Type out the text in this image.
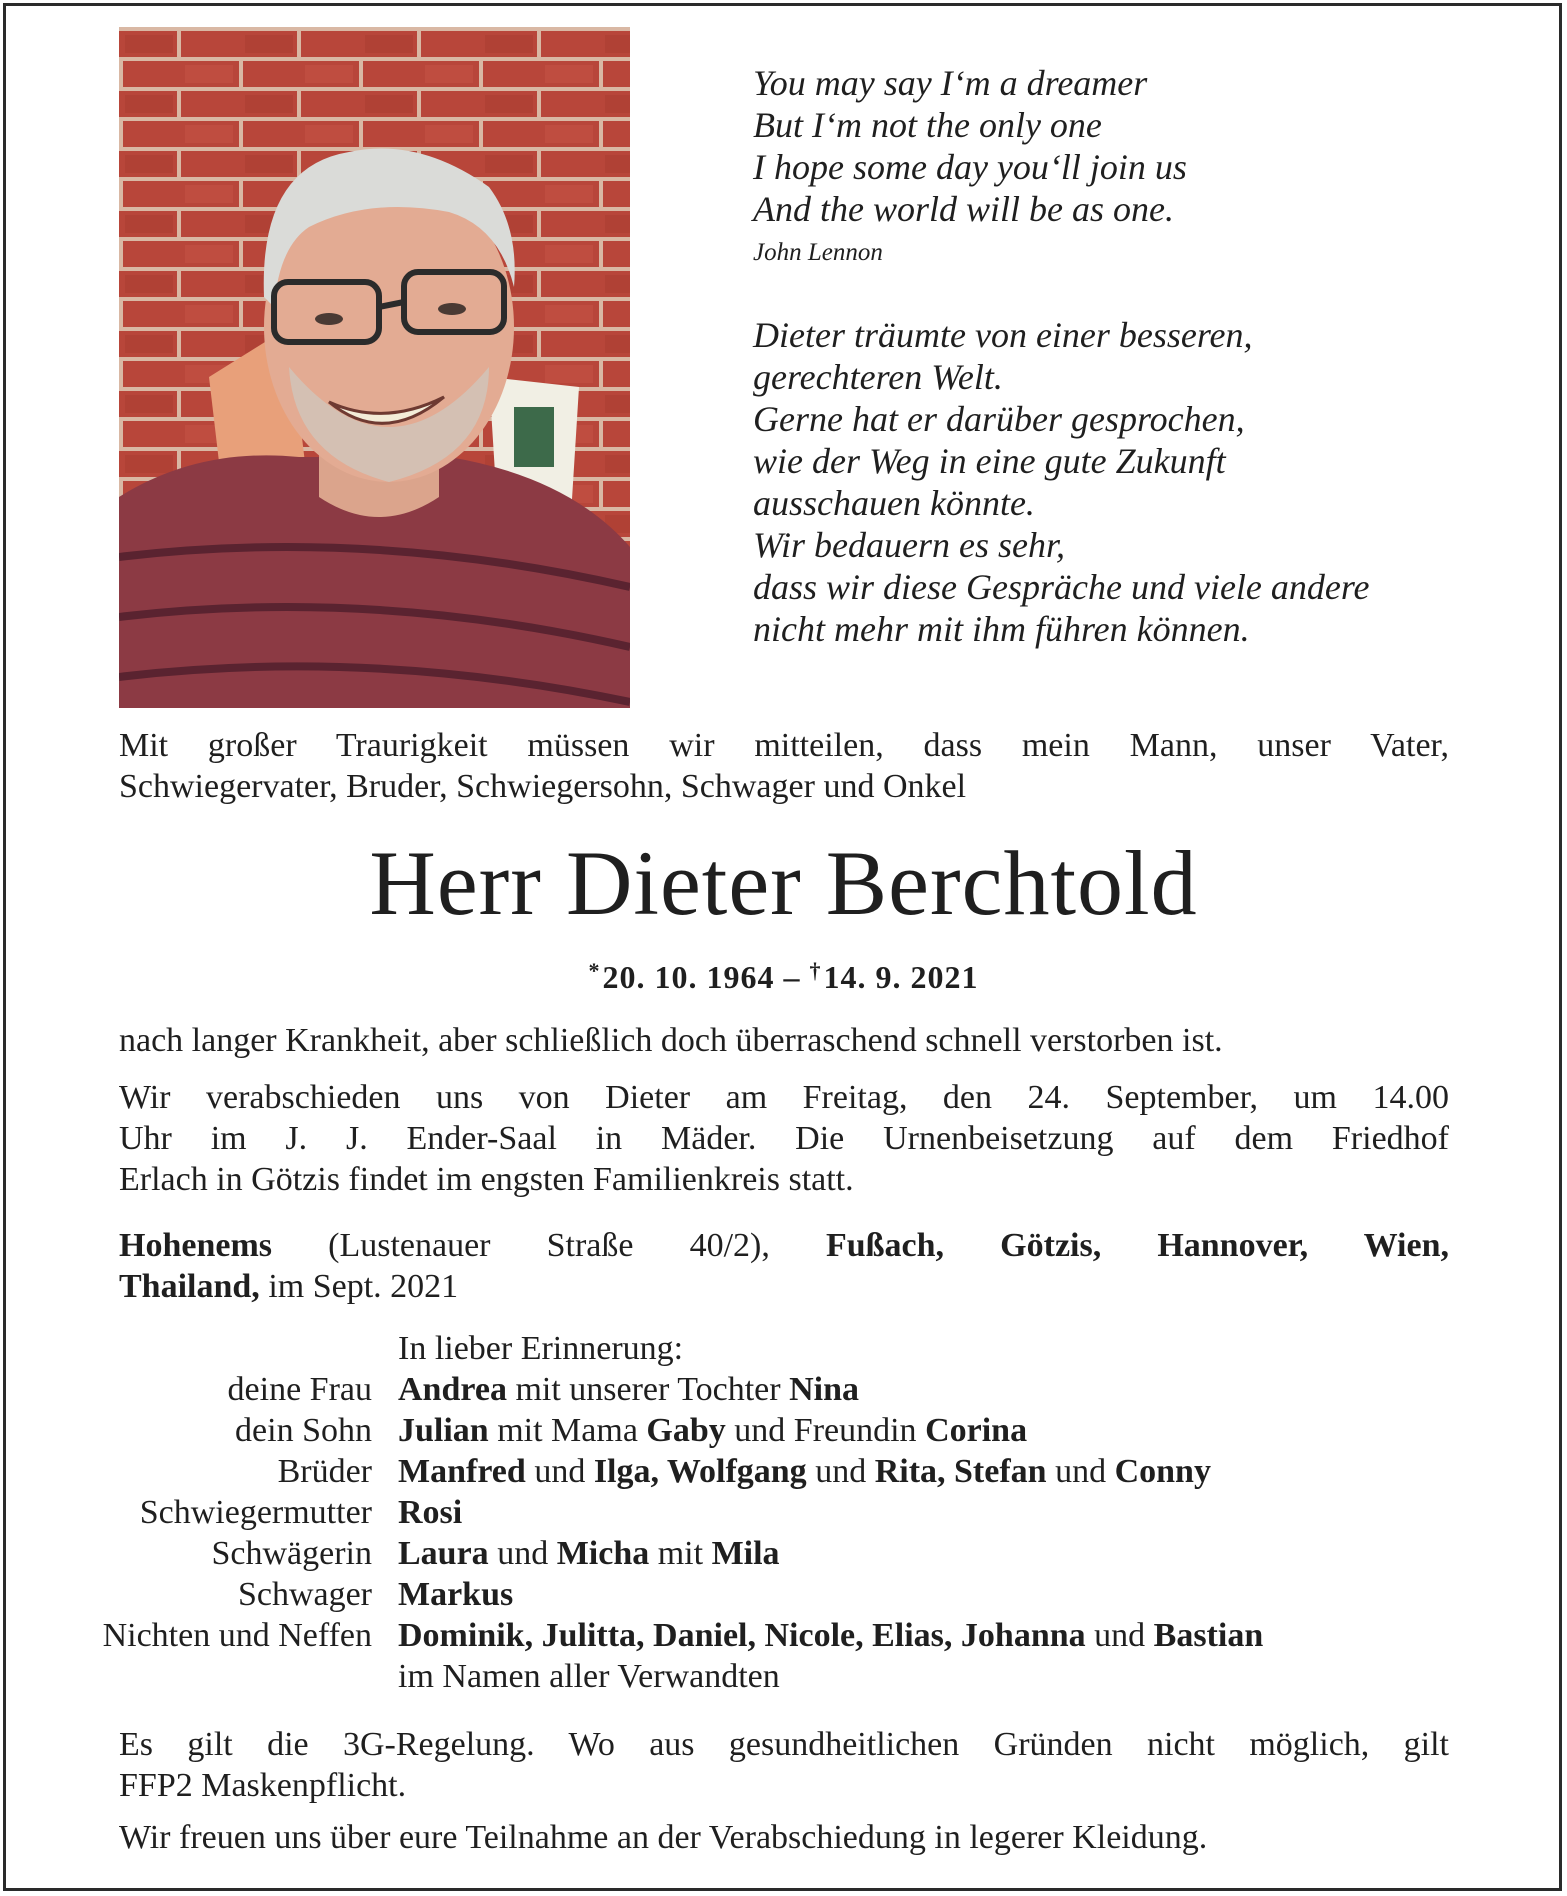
You may say I‘m a dreamer
But I‘m not the only one
I hope some day you‘ll join us
And the world will be as one.
John Lennon
Dieter träumte von einer besseren,
gerechteren Welt.
Gerne hat er darüber gesprochen,
wie der Weg in eine gute Zukunft
ausschauen könnte.
Wir bedauern es sehr,
dass wir diese Gespräche und viele andere
nicht mehr mit ihm führen können.
Mit großer Traurigkeit müssen wir mitteilen, dass mein Mann, unser Vater,
Schwiegervater, Bruder, Schwiegersohn, Schwager und Onkel
Herr Dieter Berchtold
*20. 10. 1964 – †14. 9. 2021
nach langer Krankheit, aber schließlich doch überraschend schnell verstorben ist.
Wir verabschieden uns von Dieter am Freitag, den 24. September, um 14.00
Uhr im J. J. Ender-Saal in Mäder. Die Urnenbeisetzung auf dem Friedhof
Erlach in Götzis findet im engsten Familienkreis statt.
Hohenems (Lustenauer Straße 40/2), Fußach, Götzis, Hannover, Wien,
Thailand, im Sept. 2021
In lieber Erinnerung:
deine Frau Andrea mit unserer Tochter Nina
dein Sohn Julian mit Mama Gaby und Freundin Corina
Brüder Manfred und Ilga, Wolfgang und Rita, Stefan und Conny
Schwiegermutter Rosi
Schwägerin Laura und Micha mit Mila
Schwager Markus
Nichten und Neffen Dominik, Julitta, Daniel, Nicole, Elias, Johanna und Bastian
im Namen aller Verwandten
Es gilt die 3G-Regelung. Wo aus gesundheitlichen Gründen nicht möglich, gilt
FFP2 Maskenpflicht.
Wir freuen uns über eure Teilnahme an der Verabschiedung in legerer Kleidung.
